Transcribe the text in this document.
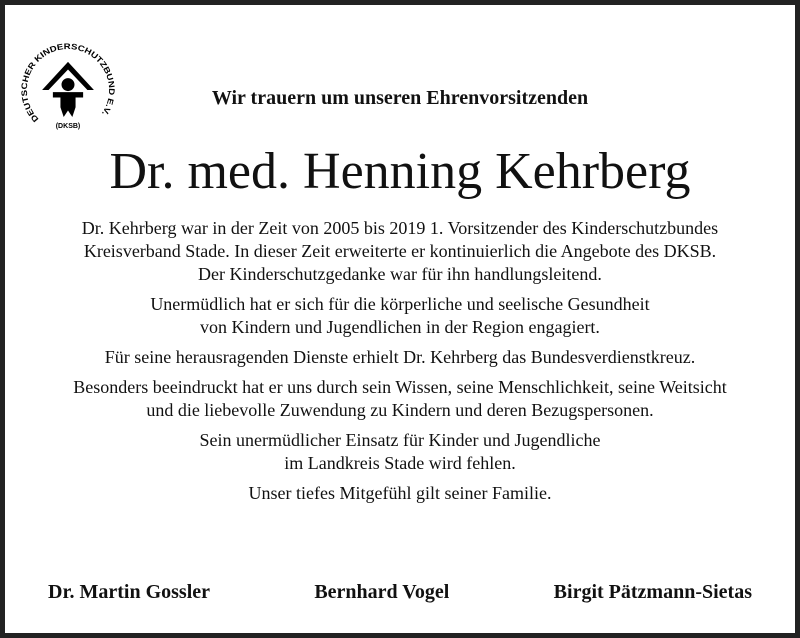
DEUTSCHER KINDERSCHUTZBUND E.V.
(DKSB)
Wir trauern um unseren Ehrenvorsitzenden
Dr. med. Henning Kehrberg

Dr. Kehrberg war in der Zeit von 2005 bis 2019 1. Vorsitzender des Kinderschutzbundes
Kreisverband Stade. In dieser Zeit erweiterte er kontinuierlich die Angebote des DKSB.
Der Kinderschutzgedanke war für ihn handlungsleitend.

Unermüdlich hat er sich für die körperliche und seelische Gesundheit
von Kindern und Jugendlichen in der Region engagiert.

Für seine herausragenden Dienste erhielt Dr. Kehrberg das Bundesverdienstkreuz.

Besonders beeindruckt hat er uns durch sein Wissen, seine Menschlichkeit, seine Weitsicht
und die liebevolle Zuwendung zu Kindern und deren Bezugspersonen.

Sein unermüdlicher Einsatz für Kinder und Jugendliche
im Landkreis Stade wird fehlen.

Unser tiefes Mitgefühl gilt seiner Familie.

Dr. Martin Gossler	Bernhard Vogel	Birgit Pätzmann-Sietas
